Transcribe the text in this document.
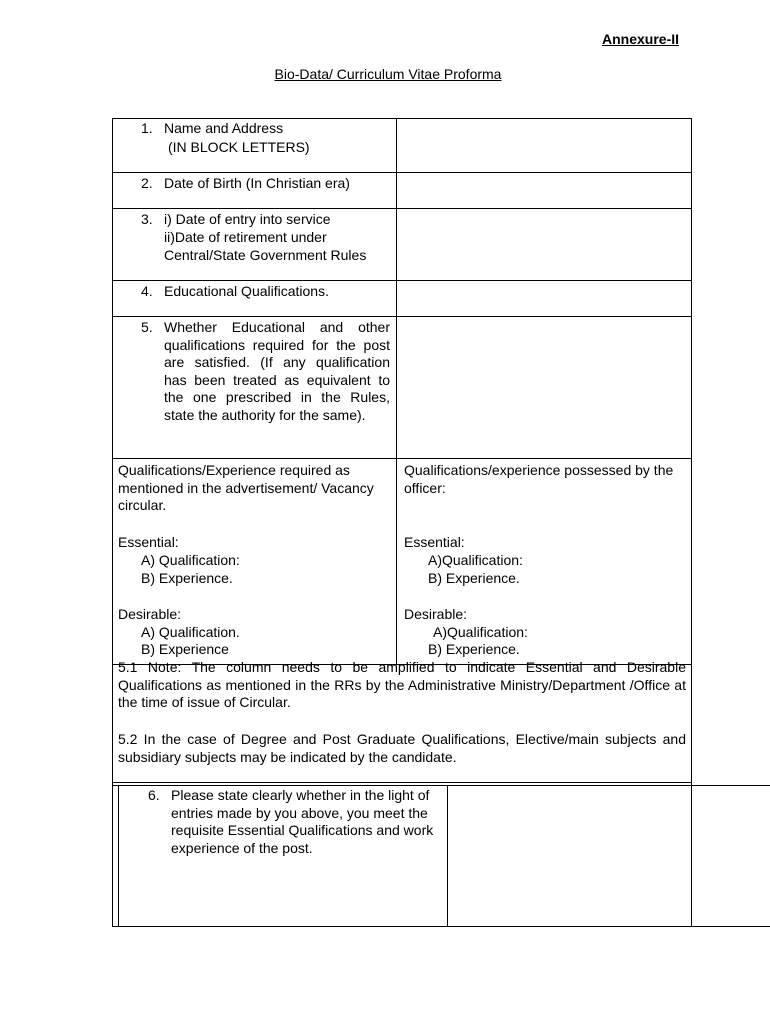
Annexure-II
Bio-Data/ Curriculum Vitae Proforma
1. Name and Address
(IN BLOCK LETTERS)
2. Date of Birth (In Christian era)
3. i) Date of entry into service
ii)Date of retirement under
Central/State Government Rules
4. Educational Qualifications.
5. Whether Educational and other qualifications required for the post are satisfied. (If any qualification has been treated as equivalent to the one prescribed in the Rules, state the authority for the same).
Qualifications/Experience required as mentioned in the advertisement/ Vacancy circular.
Essential:
A) Qualification:
B) Experience.
Desirable:
A) Qualification.
B) Experience
Qualifications/experience possessed by the officer:
Essential:
A)Qualification:
B) Experience.
Desirable:
A)Qualification:
B) Experience.
5.1 Note: The column needs to be amplified to indicate Essential and Desirable Qualifications as mentioned in the RRs by the Administrative Ministry/Department /Office at the time of issue of Circular.
5.2 In the case of Degree and Post Graduate Qualifications, Elective/main subjects and subsidiary subjects may be indicated by the candidate.
6. Please state clearly whether in the light of entries made by you above, you meet the requisite Essential Qualifications and work experience of the post.
